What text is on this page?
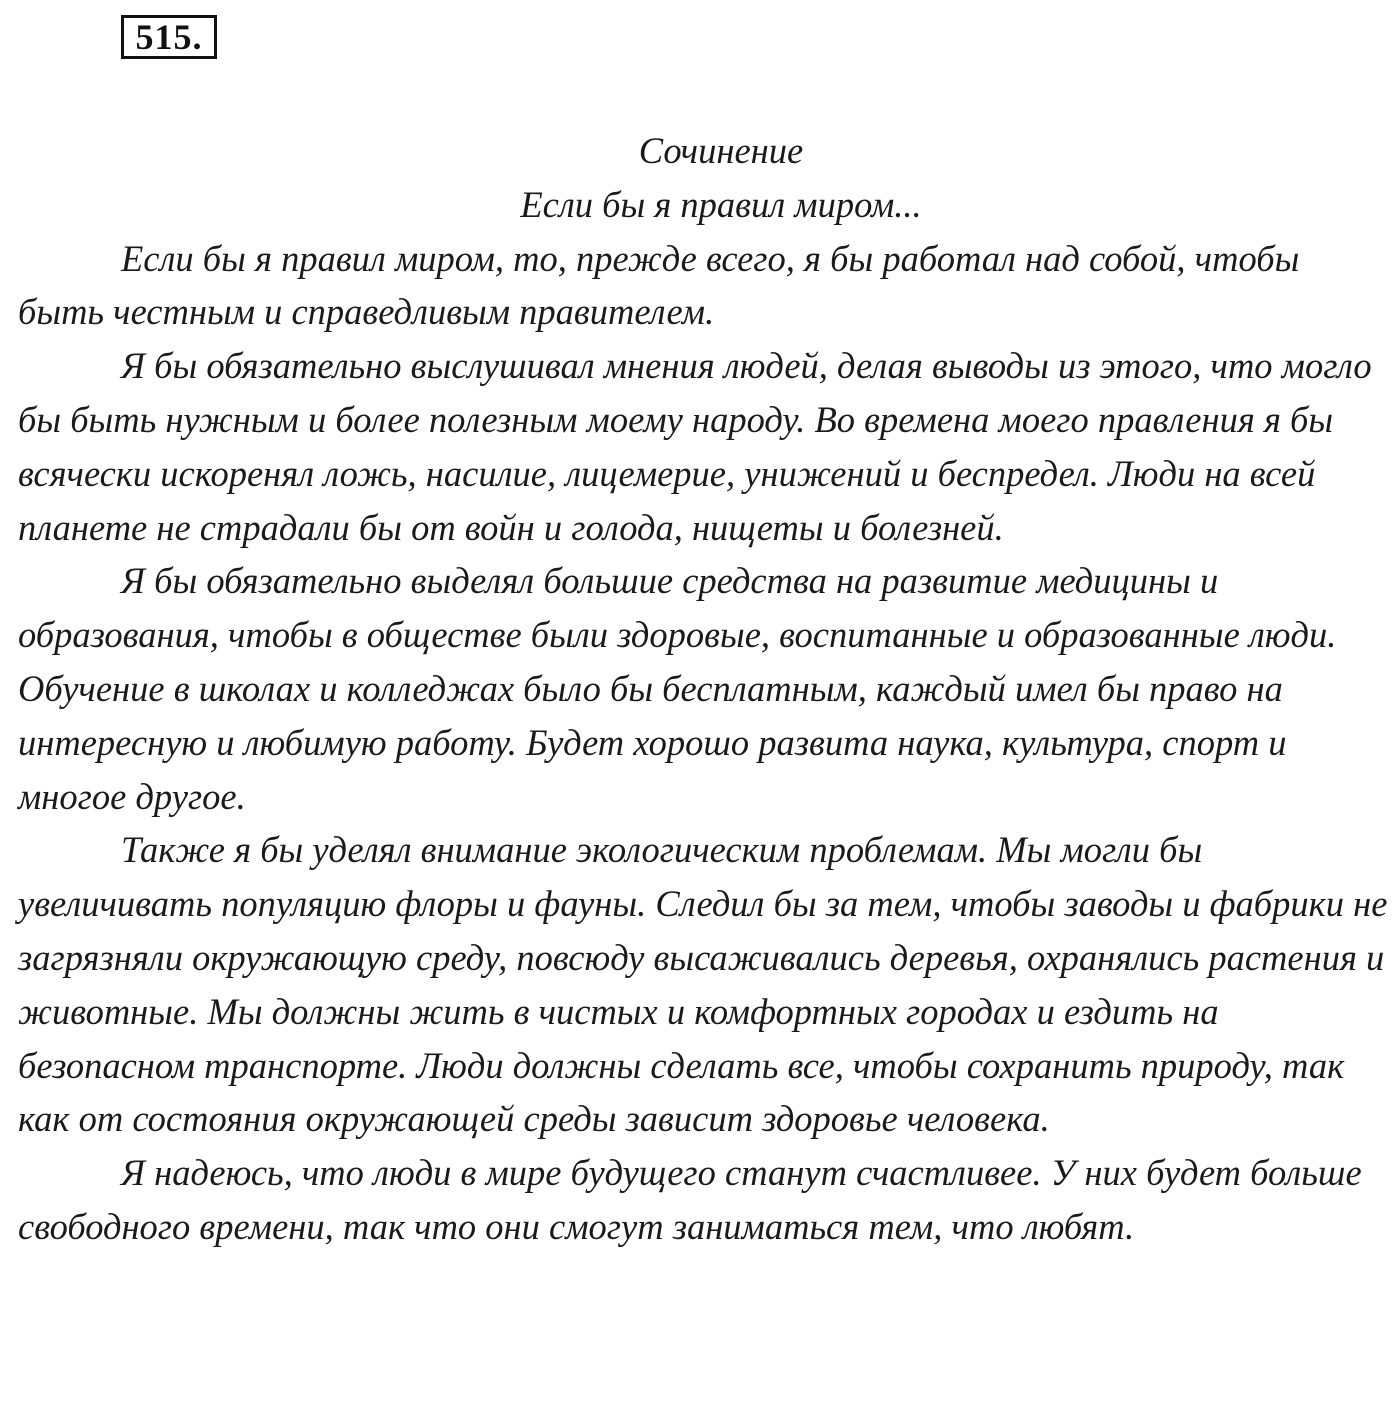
515.

Сочинение

Если бы я правил миром...

Если бы я правил миром, то, прежде всего, я бы работал над собой, чтобы быть честным и справедливым правителем.

Я бы обязательно выслушивал мнения людей, делая выводы из этого, что могло бы быть нужным и более полезным моему народу. Во времена моего правления я бы всячески искоренял ложь, насилие, лицемерие, унижений и беспредел. Люди на всей планете не страдали бы от войн и голода, нищеты и болезней.

Я бы обязательно выделял большие средства на развитие медицины и образования, чтобы в обществе были здоровые, воспитанные и образованные люди. Обучение в школах и колледжах было бы бесплатным, каждый имел бы право на интересную и любимую работу. Будет хорошо развита наука, культура, спорт и многое другое.

Также я бы уделял внимание экологическим проблемам. Мы могли бы увеличивать популяцию флоры и фауны. Следил бы за тем, чтобы заводы и фабрики не загрязняли окружающую среду, повсюду высаживались деревья, охранялись растения и животные. Мы должны жить в чистых и комфортных городах и ездить на безопасном транспорте. Люди должны сделать все, чтобы сохранить природу, так как от состояния окружающей среды зависит здоровье человека.

Я надеюсь, что люди в мире будущего станут счастливее. У них будет больше свободного времени, так что они смогут заниматься тем, что любят.
